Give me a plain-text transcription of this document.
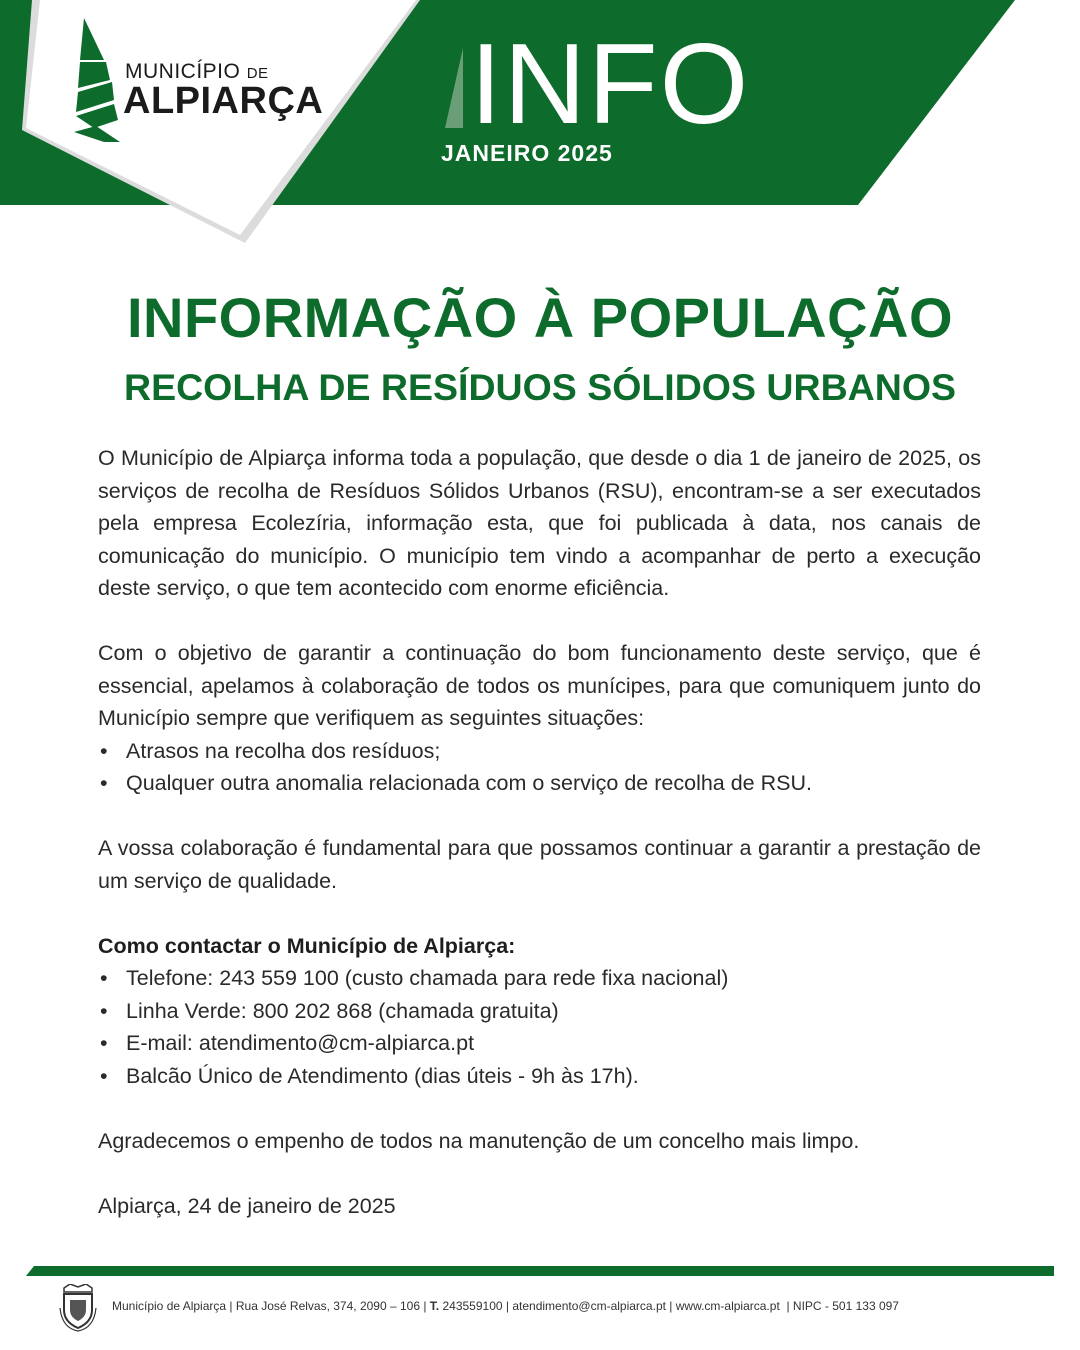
MUNICÍPIO DE
ALPIARÇA INFO
JANEIRO 2025
INFORMAÇÃO À POPULAÇÃO
RECOLHA DE RESÍDUOS SÓLIDOS URBANOS

O Município de Alpiarça informa toda a população, que desde o dia 1 de janeiro de 2025, os serviços de recolha de Resíduos Sólidos Urbanos (RSU), encontram-se a ser executados pela empresa Ecolezíria, informação esta, que foi publicada à data, nos canais de comunicação do município. O município tem vindo a acompanhar de perto a execução deste serviço, o que tem acontecido com enorme eficiência.

Com o objetivo de garantir a continuação do bom funcionamento deste serviço, que é essencial, apelamos à colaboração de todos os munícipes, para que comuniquem junto do Município sempre que verifiquem as seguintes situações:

• Atrasos na recolha dos resíduos;
• Qualquer outra anomalia relacionada com o serviço de recolha de RSU.

A vossa colaboração é fundamental para que possamos continuar a garantir a prestação de um serviço de qualidade.

Como contactar o Município de Alpiarça:

• Telefone: 243 559 100 (custo chamada para rede fixa nacional)
• Linha Verde: 800 202 868 (chamada gratuita)
• E-mail: atendimento@cm-alpiarca.pt
• Balcão Único de Atendimento (dias úteis - 9h às 17h).

Agradecemos o empenho de todos na manutenção de um concelho mais limpo.

Alpiarça, 24 de janeiro de 2025

Município de Alpiarça | Rua José Relvas, 374, 2090 – 106 | T. 243559100 | atendimento@cm-alpiarca.pt | www.cm-alpiarca.pt  | NIPC - 501 133 097
